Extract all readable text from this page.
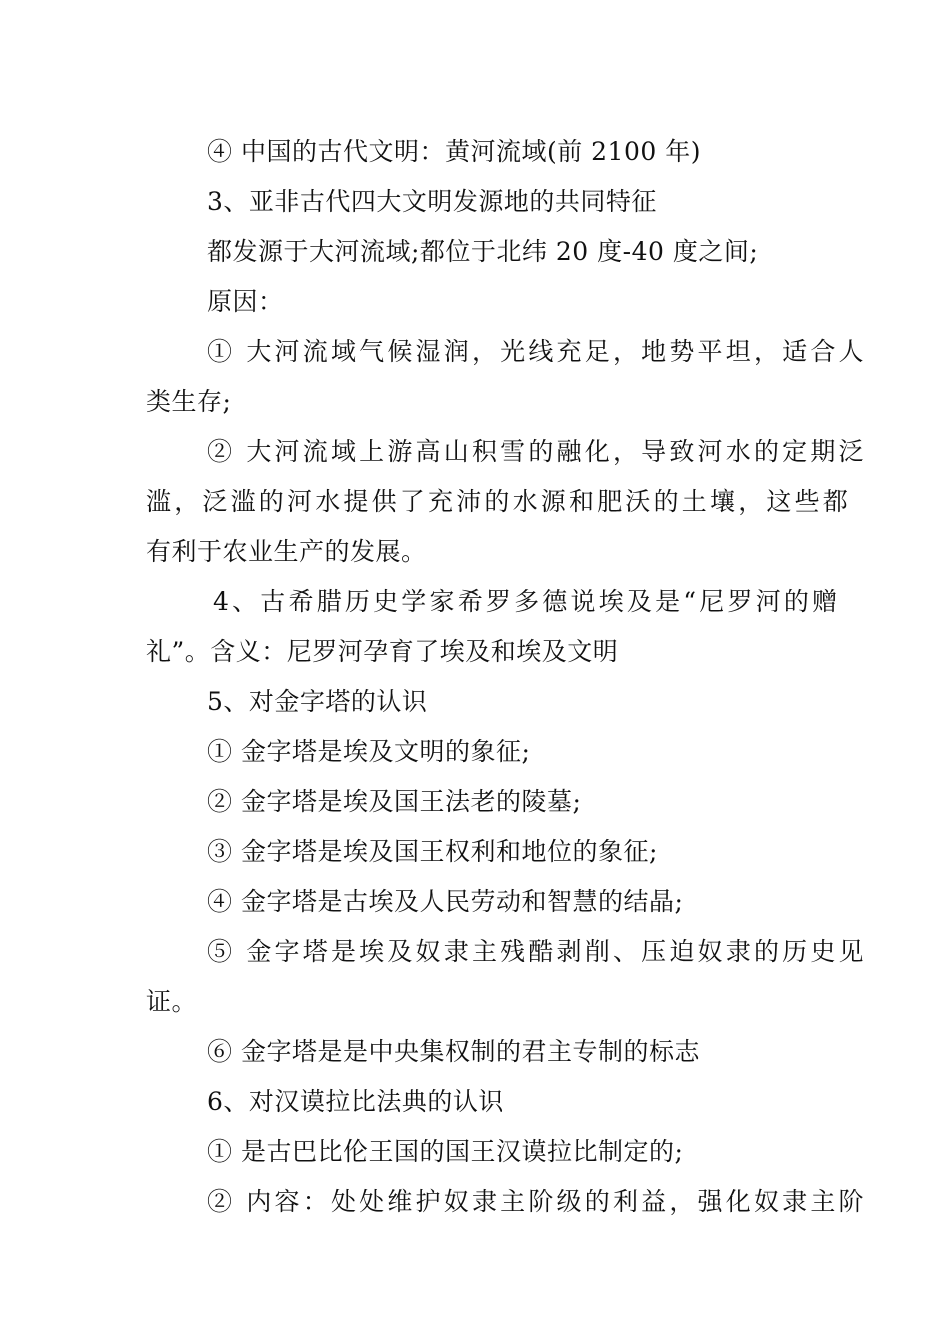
④ 中国的古代文明：黄河流域(前 2100 年)
3、亚非古代四大文明发源地的共同特征
都发源于大河流域;都位于北纬 20 度-40 度之间;
原因：
① 大河流域气候湿润，光线充足，地势平坦，适合人
类生存;
② 大河流域上游高山积雪的融化，导致河水的定期泛
滥，泛滥的河水提供了充沛的水源和肥沃的土壤，这些都
有利于农业生产的发展。
4、古希腊历史学家希罗多德说埃及是“尼罗河的赠
礼”。含义：尼罗河孕育了埃及和埃及文明
5、对金字塔的认识
① 金字塔是埃及文明的象征;
② 金字塔是埃及国王法老的陵墓;
③ 金字塔是埃及国王权利和地位的象征;
④ 金字塔是古埃及人民劳动和智慧的结晶;
⑤ 金字塔是埃及奴隶主残酷剥削、压迫奴隶的历史见
证。
⑥ 金字塔是是中央集权制的君主专制的标志
6、对汉谟拉比法典的认识
① 是古巴比伦王国的国王汉谟拉比制定的;
② 内容：处处维护奴隶主阶级的利益，强化奴隶主阶
